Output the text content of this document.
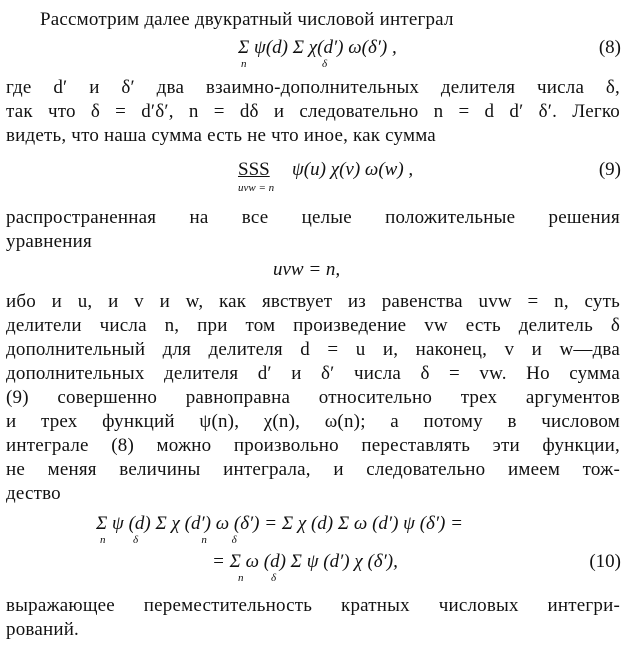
Рассмотрим далее двукратный числовой интеграл
Σ ψ(d) Σ χ(d′) ω(δ′) ,
n	δ
(8)
где d′ и δ′ два взаимно-дополнительных делителя числа δ,
так что δ = d′δ′, n = dδ и следовательно n = d d′ δ′. Легко
видеть, что наша сумма есть не что иное, как сумма
SSS ψ(u) χ(v) ω(w) ,
uvw = n
(9)
распространенная на все целые положительные решения
уравнения
uvw = n,
ибо и u, и v и w, как явствует из равенства uvw = n, суть
делители числа n, при том произведение vw есть делитель δ
дополнительный для делителя d = u и, наконец, v и w—два
дополнительных делителя d′ и δ′ числа δ = vw. Но сумма
(9) совершенно равноправна относительно трех аргументов
и трех функций ψ(n), χ(n), ω(n); а потому в числовом
интеграле (8) можно произвольно переставлять эти функции,
не меняя величины интеграла, и следовательно имеем тож-
дество
Σ ψ (d) Σ χ (d′) ω (δ′) = Σ χ (d) Σ ω (d′) ψ (δ′) =
n          δ                       n         δ
= Σ ω (d) Σ ψ (d′) χ (δ′),
n          δ
(10)
выражающее переместительность кратных числовых интегри-
рований.
